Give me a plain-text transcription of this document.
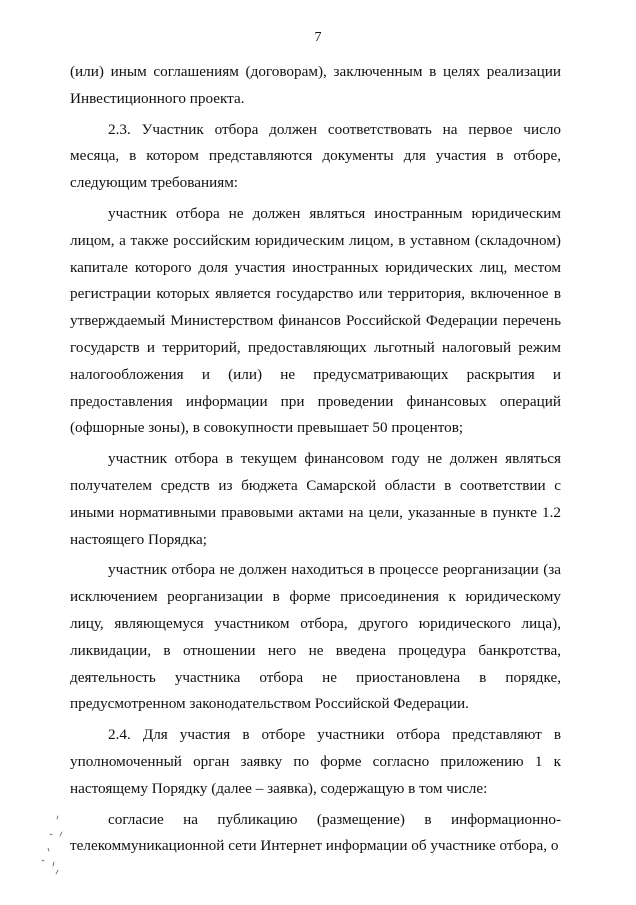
7

(или) иным соглашениям (договорам), заключенным в целях реализации Инвестиционного проекта.

2.3. Участник отбора должен соответствовать на первое число месяца, в котором представляются документы для участия в отборе, следующим требованиям:

участник отбора не должен являться иностранным юридическим лицом, а также российским юридическим лицом, в уставном (складочном) капитале которого доля участия иностранных юридических лиц, местом регистрации которых является государство или территория, включенное в утверждаемый Министерством финансов Российской Федерации перечень государств и территорий, предоставляющих льготный налоговый режим налогообложения и (или) не предусматривающих раскрытия и предоставления информации при проведении финансовых операций (офшорные зоны), в совокупности превышает 50 процентов;

участник отбора в текущем финансовом году не должен являться получателем средств из бюджета Самарской области в соответствии с иными нормативными правовыми актами на цели, указанные в пункте 1.2 настоящего Порядка;

участник отбора не должен находиться в процессе реорганизации (за исключением реорганизации в форме присоединения к юридическому лицу, являющемуся участником отбора, другого юридического лица), ликвидации, в отношении него не введена процедура банкротства, деятельность участника отбора не приостановлена в порядке, предусмотренном законодательством Российской Федерации.

2.4. Для участия в отборе участники отбора представляют в уполномоченный орган заявку по форме согласно приложению 1 к настоящему Порядку (далее – заявка), содержащую в том числе:

согласие на публикацию (размещение) в информационно-телекоммуникационной сети Интернет информации об участнике отбора, о
